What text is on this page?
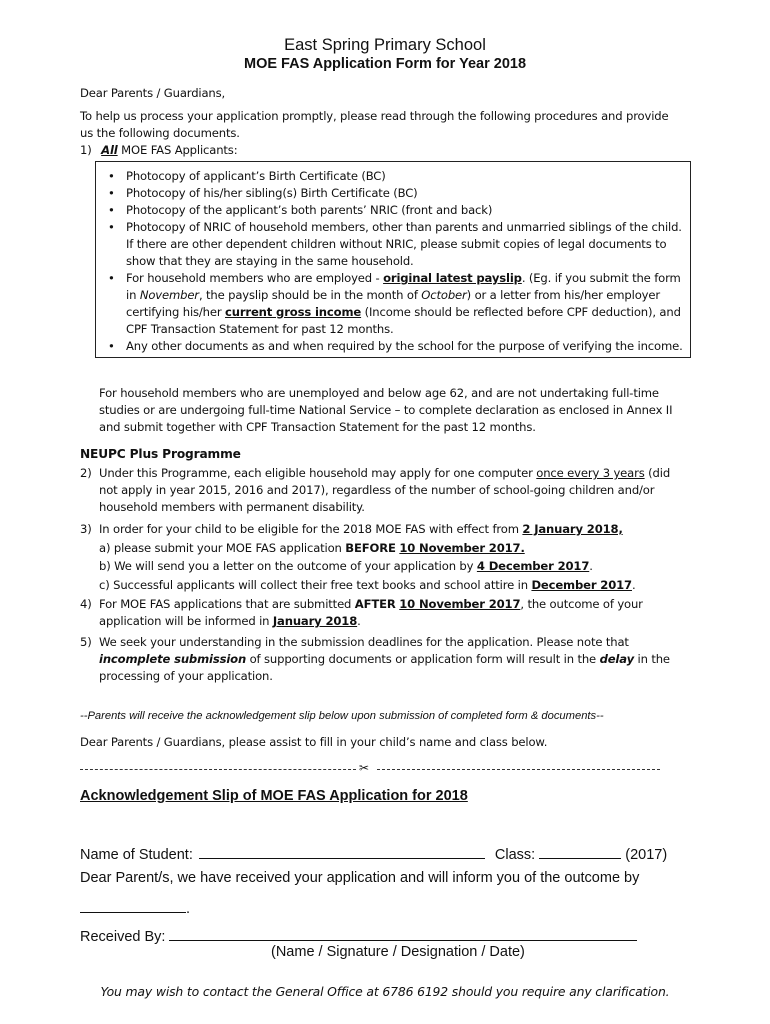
East Spring Primary School
MOE FAS Application Form for Year 2018
Dear Parents / Guardians,
To help us process your application promptly, please read through the following procedures and provide
us the following documents.
1) All MOE FAS Applicants:
• Photocopy of applicant’s Birth Certificate (BC)
• Photocopy of his/her sibling(s) Birth Certificate (BC)
• Photocopy of the applicant’s both parents’ NRIC (front and back)
• Photocopy of NRIC of household members, other than parents and unmarried siblings of the child.
If there are other dependent children without NRIC, please submit copies of legal documents to
show that they are staying in the same household.
• For household members who are employed - original latest payslip. (Eg. if you submit the form
in November, the payslip should be in the month of October) or a letter from his/her employer
certifying his/her current gross income (Income should be reflected before CPF deduction), and
CPF Transaction Statement for past 12 months.
• Any other documents as and when required by the school for the purpose of verifying the income.
For household members who are unemployed and below age 62, and are not undertaking full-time
studies or are undergoing full-time National Service – to complete declaration as enclosed in Annex II
and submit together with CPF Transaction Statement for the past 12 months.
NEUPC Plus Programme
2) Under this Programme, each eligible household may apply for one computer once every 3 years (did
not apply in year 2015, 2016 and 2017), regardless of the number of school-going children and/or
household members with permanent disability.
3) In order for your child to be eligible for the 2018 MOE FAS with effect from 2 January 2018,
a) please submit your MOE FAS application BEFORE 10 November 2017.
b) We will send you a letter on the outcome of your application by 4 December 2017.
c) Successful applicants will collect their free text books and school attire in December 2017.
4) For MOE FAS applications that are submitted AFTER 10 November 2017, the outcome of your
application will be informed in January 2018.
5) We seek your understanding in the submission deadlines for the application. Please note that
incomplete submission of supporting documents or application form will result in the delay in the
processing of your application.
--Parents will receive the acknowledgement slip below upon submission of completed form & documents--
Dear Parents / Guardians, please assist to fill in your child’s name and class below.
✂
Acknowledgement Slip of MOE FAS Application for 2018
Name of Student:	Class:	(2017)
Dear Parent/s, we have received your application and will inform you of the outcome by
.
Received By:
(Name / Signature / Designation / Date)
You may wish to contact the General Office at 6786 6192 should you require any clarification.
